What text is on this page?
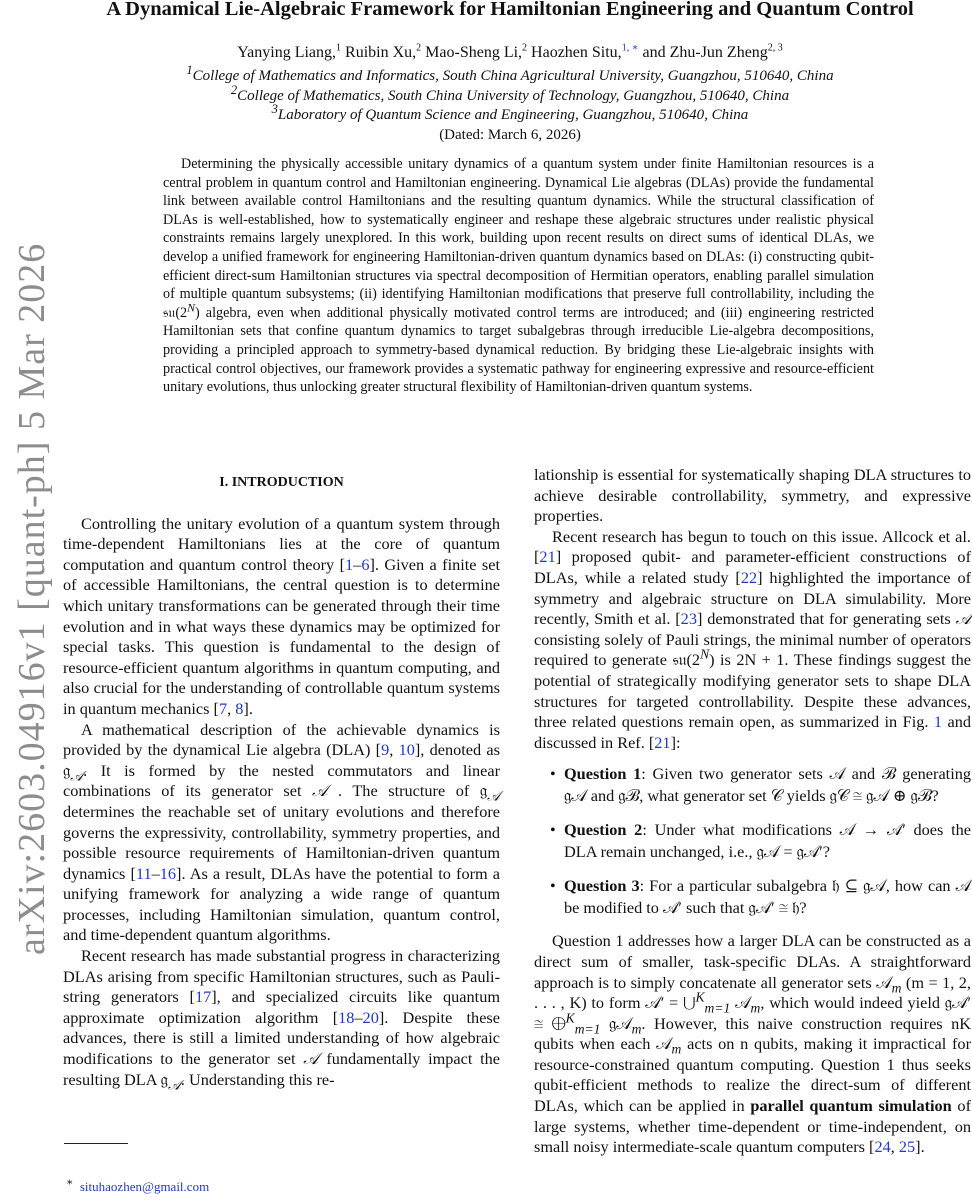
arXiv:2603.04916v1 [quant-ph] 5 Mar 2026
A Dynamical Lie-Algebraic Framework for Hamiltonian Engineering and Quantum Control
Yanying Liang,$^1$ Ruibin Xu,$^2$ Mao-Sheng Li,$^2$ Haozhen Situ,$^{1, ∗}$ and Zhu-Jun Zheng$^{2, 3}$
$^1$College of Mathematics and Informatics, South China Agricultural University, Guangzhou, 510640, China
$^2$College of Mathematics, South China University of Technology, Guangzhou, 510640, China
$^3$Laboratory of Quantum Science and Engineering, Guangzhou, 510640, China
(Dated: March 6, 2026)

Determining the physically accessible unitary dynamics of a quantum system under finite Hamiltonian resources is a central problem in quantum control and Hamiltonian engineering. Dynamical Lie algebras (DLAs) provide the fundamental link between available control Hamiltonians and the resulting quantum dynamics. While the structural classification of DLAs is well-established, how to systematically engineer and reshape these algebraic structures under realistic physical constraints remains largely unexplored. In this work, building upon recent results on direct sums of identical DLAs, we develop a unified framework for engineering Hamiltonian-driven quantum dynamics based on DLAs: (i) constructing qubit-efficient direct-sum Hamiltonian structures via spectral decomposition of Hermitian operators, enabling parallel simulation of multiple quantum subsystems; (ii) identifying Hamiltonian modifications that preserve full controllability, including the $𝔰𝔲(2^N)$ algebra, even when additional physically motivated control terms are introduced; and (iii) engineering restricted Hamiltonian sets that confine quantum dynamics to target subalgebras through irreducible Lie-algebra decompositions, providing a principled approach to symmetry-based dynamical reduction. By bridging these Lie-algebraic insights with practical control objectives, our framework provides a systematic pathway for engineering expressive and resource-efficient unitary evolutions, thus unlocking greater structural flexibility of Hamiltonian-driven quantum systems.

I. INTRODUCTION

Controlling the unitary evolution of a quantum system through time-dependent Hamiltonians lies at the core of quantum computation and quantum control theory [1–6]. Given a finite set of accessible Hamiltonians, the central question is to determine which unitary transformations can be generated through their time evolution and in what ways these dynamics may be optimized for special tasks. This question is fundamental to the design of resource-efficient quantum algorithms in quantum computing, and also crucial for the understanding of controllable quantum systems in quantum mechanics [7, 8].

A mathematical description of the achievable dynamics is provided by the dynamical Lie algebra (DLA) [9, 10], denoted as 𝔤$_𝒜$. It is formed by the nested commutators and linear combinations of its generator set 𝒜 . The structure of 𝔤$_𝒜$ determines the reachable set of unitary evolutions and therefore governs the expressivity, controllability, symmetry properties, and possible resource requirements of Hamiltonian-driven quantum dynamics [11–16]. As a result, DLAs have the potential to form a unifying framework for analyzing a wide range of quantum processes, including Hamiltonian simulation, quantum control, and time-dependent quantum algorithms.

Recent research has made substantial progress in characterizing DLAs arising from specific Hamiltonian structures, such as Pauli-string generators [17], and specialized circuits like quantum approximate optimization algorithm [18–20]. Despite these advances, there is still a limited understanding of how algebraic modifications to the generator set 𝒜 fundamentally impact the resulting DLA 𝔤$_𝒜$. Understanding this re-

lationship is essential for systematically shaping DLA structures to achieve desirable controllability, symmetry, and expressive properties.

Recent research has begun to touch on this issue. Allcock et al. [21] proposed qubit- and parameter-efficient constructions of DLAs, while a related study [22] highlighted the importance of symmetry and algebraic structure on DLA simulability. More recently, Smith et al. [23] demonstrated that for generating sets 𝒜 consisting solely of Pauli strings, the minimal number of operators required to generate $𝔰𝔲(2^N)$ is 2N + 1. These findings suggest the potential of strategically modifying generator sets to shape DLA structures for targeted controllability. Despite these advances, three related questions remain open, as summarized in Fig. 1 and discussed in Ref. [21]:

• Question 1: Given two generator sets 𝒜 and ℬ generating 𝔤𝒜 and 𝔤ℬ, what generator set 𝒞 yields 𝔤𝒞 ≅ 𝔤𝒜 ⊕ 𝔤ℬ?
• Question 2: Under what modifications 𝒜 → 𝒜′ does the DLA remain unchanged, i.e., 𝔤𝒜 = 𝔤𝒜′?
• Question 3: For a particular subalgebra 𝔥 ⊆ 𝔤𝒜, how can 𝒜 be modified to 𝒜′ such that 𝔤𝒜′ ≅ 𝔥?

Question 1 addresses how a larger DLA can be constructed as a direct sum of smaller, task-specific DLAs. A straightforward approach is to simply concatenate all generator sets 𝒜$_m$ (m = 1, 2, . . . , K) to form 𝒜′ = ⋃$^K_{m=1}$ 𝒜$_m$, which would indeed yield 𝔤𝒜′ ≅ ⨁$^K_{m=1}$ 𝔤𝒜$_m$. However, this naive construction requires nK qubits when each 𝒜$_m$ acts on n qubits, making it impractical for resource-constrained quantum computing. Question 1 thus seeks qubit-efficient methods to realize the direct-sum of different DLAs, which can be applied in parallel quantum simulation of large systems, whether time-dependent or time-independent, on small noisy intermediate-scale quantum computers [24, 25].

∗ situhaozhen@gmail.com
